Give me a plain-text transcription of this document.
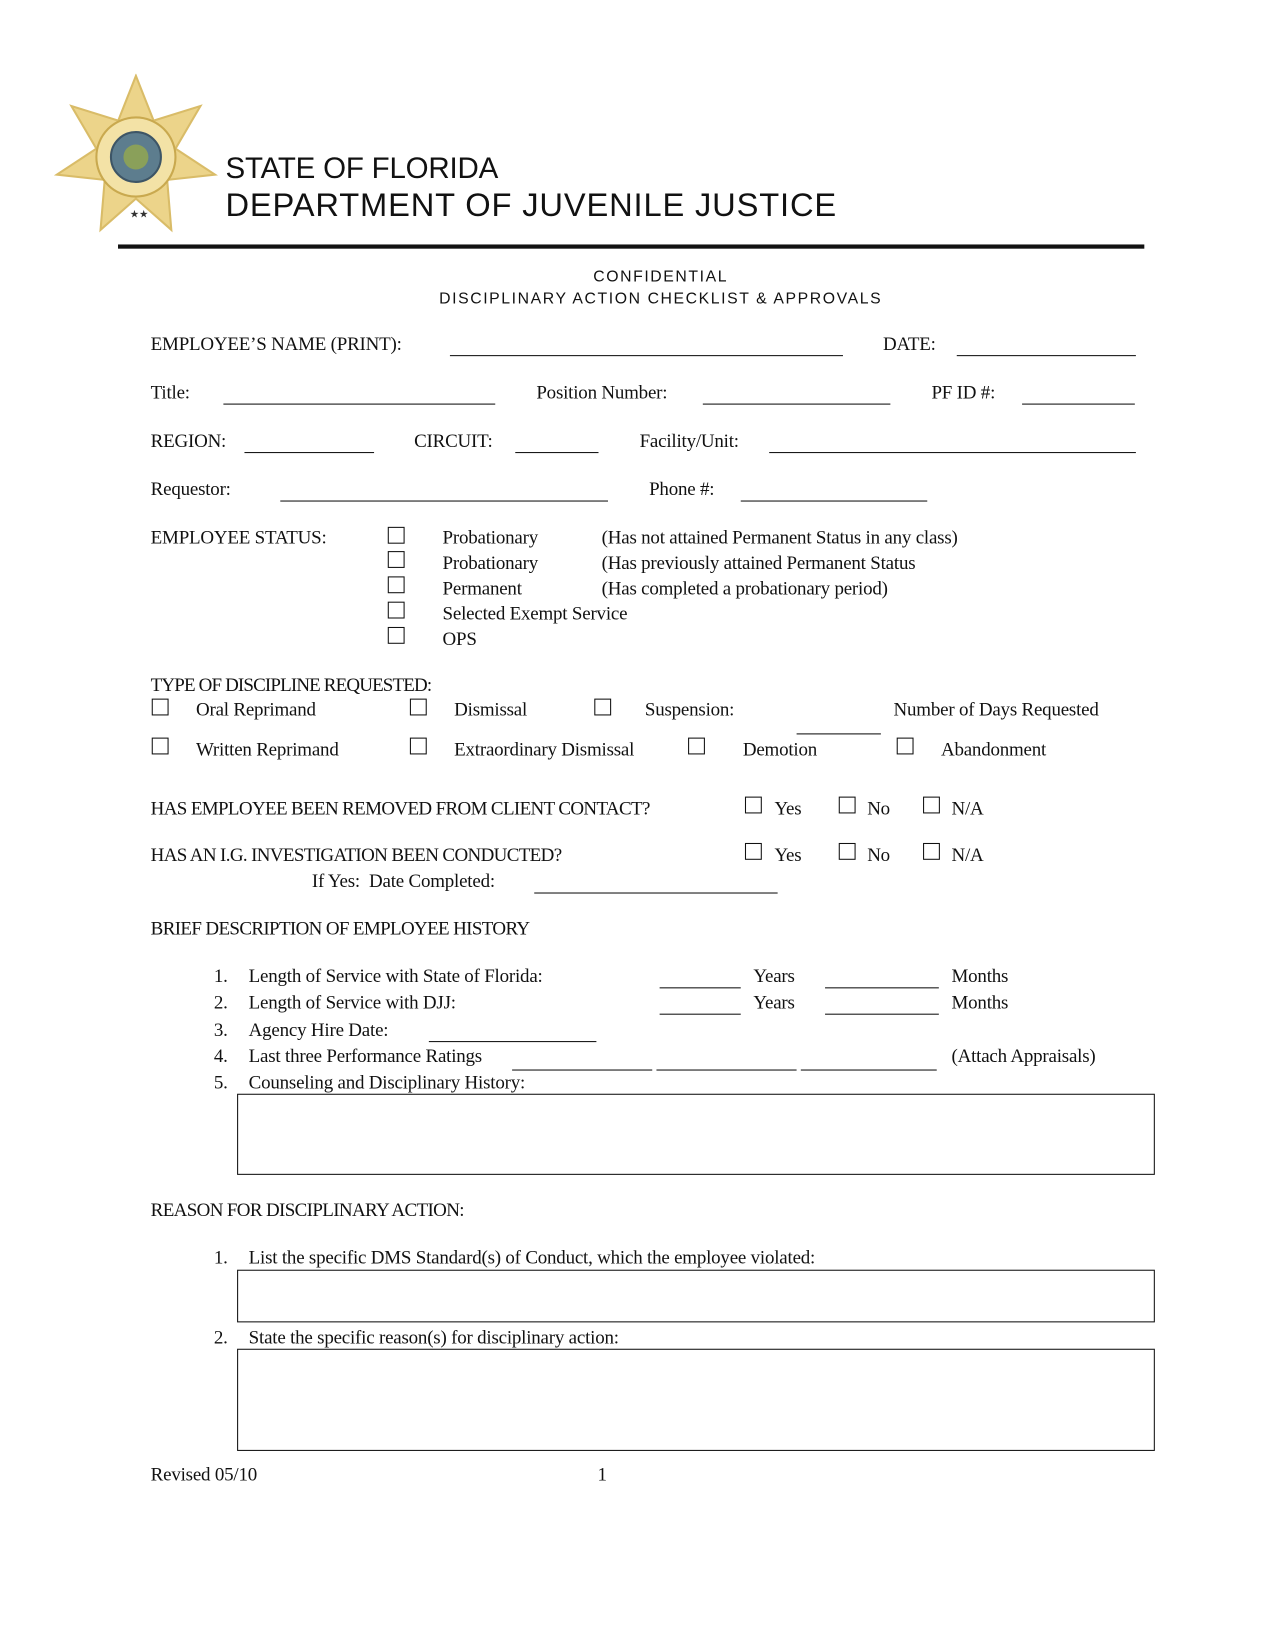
★★
STATE OF FLORIDA
DEPARTMENT OF JUVENILE JUSTICE
CONFIDENTIAL
DISCIPLINARY ACTION CHECKLIST & APPROVALS
EMPLOYEE’S NAME (PRINT):	DATE:
Title:	Position Number:	PF ID #:
REGION:	CIRCUIT:	Facility/Unit:
Requestor:	Phone #:
EMPLOYEE STATUS:	Probationary	(Has not attained Permanent Status in any class)
Probationary	(Has previously attained Permanent Status
Permanent	(Has completed a probationary period)
Selected Exempt Service
OPS
TYPE OF DISCIPLINE REQUESTED:
Oral Reprimand	Dismissal	Suspension:	Number of Days Requested
Written Reprimand	Extraordinary Dismissal	Demotion	Abandonment
HAS EMPLOYEE BEEN REMOVED FROM CLIENT CONTACT?	Yes	No	N/A
HAS AN I.G. INVESTIGATION BEEN CONDUCTED?	Yes	No	N/A
If Yes:  Date Completed:
BRIEF DESCRIPTION OF EMPLOYEE HISTORY
1. Length of Service with State of Florida:	Years	Months
2. Length of Service with DJJ:	Years	Months
3. Agency Hire Date:
4. Last three Performance Ratings	(Attach Appraisals)
5. Counseling and Disciplinary History:
REASON FOR DISCIPLINARY ACTION:
1. List the specific DMS Standard(s) of Conduct, which the employee violated:
2. State the specific reason(s) for disciplinary action:
Revised 05/10	1
